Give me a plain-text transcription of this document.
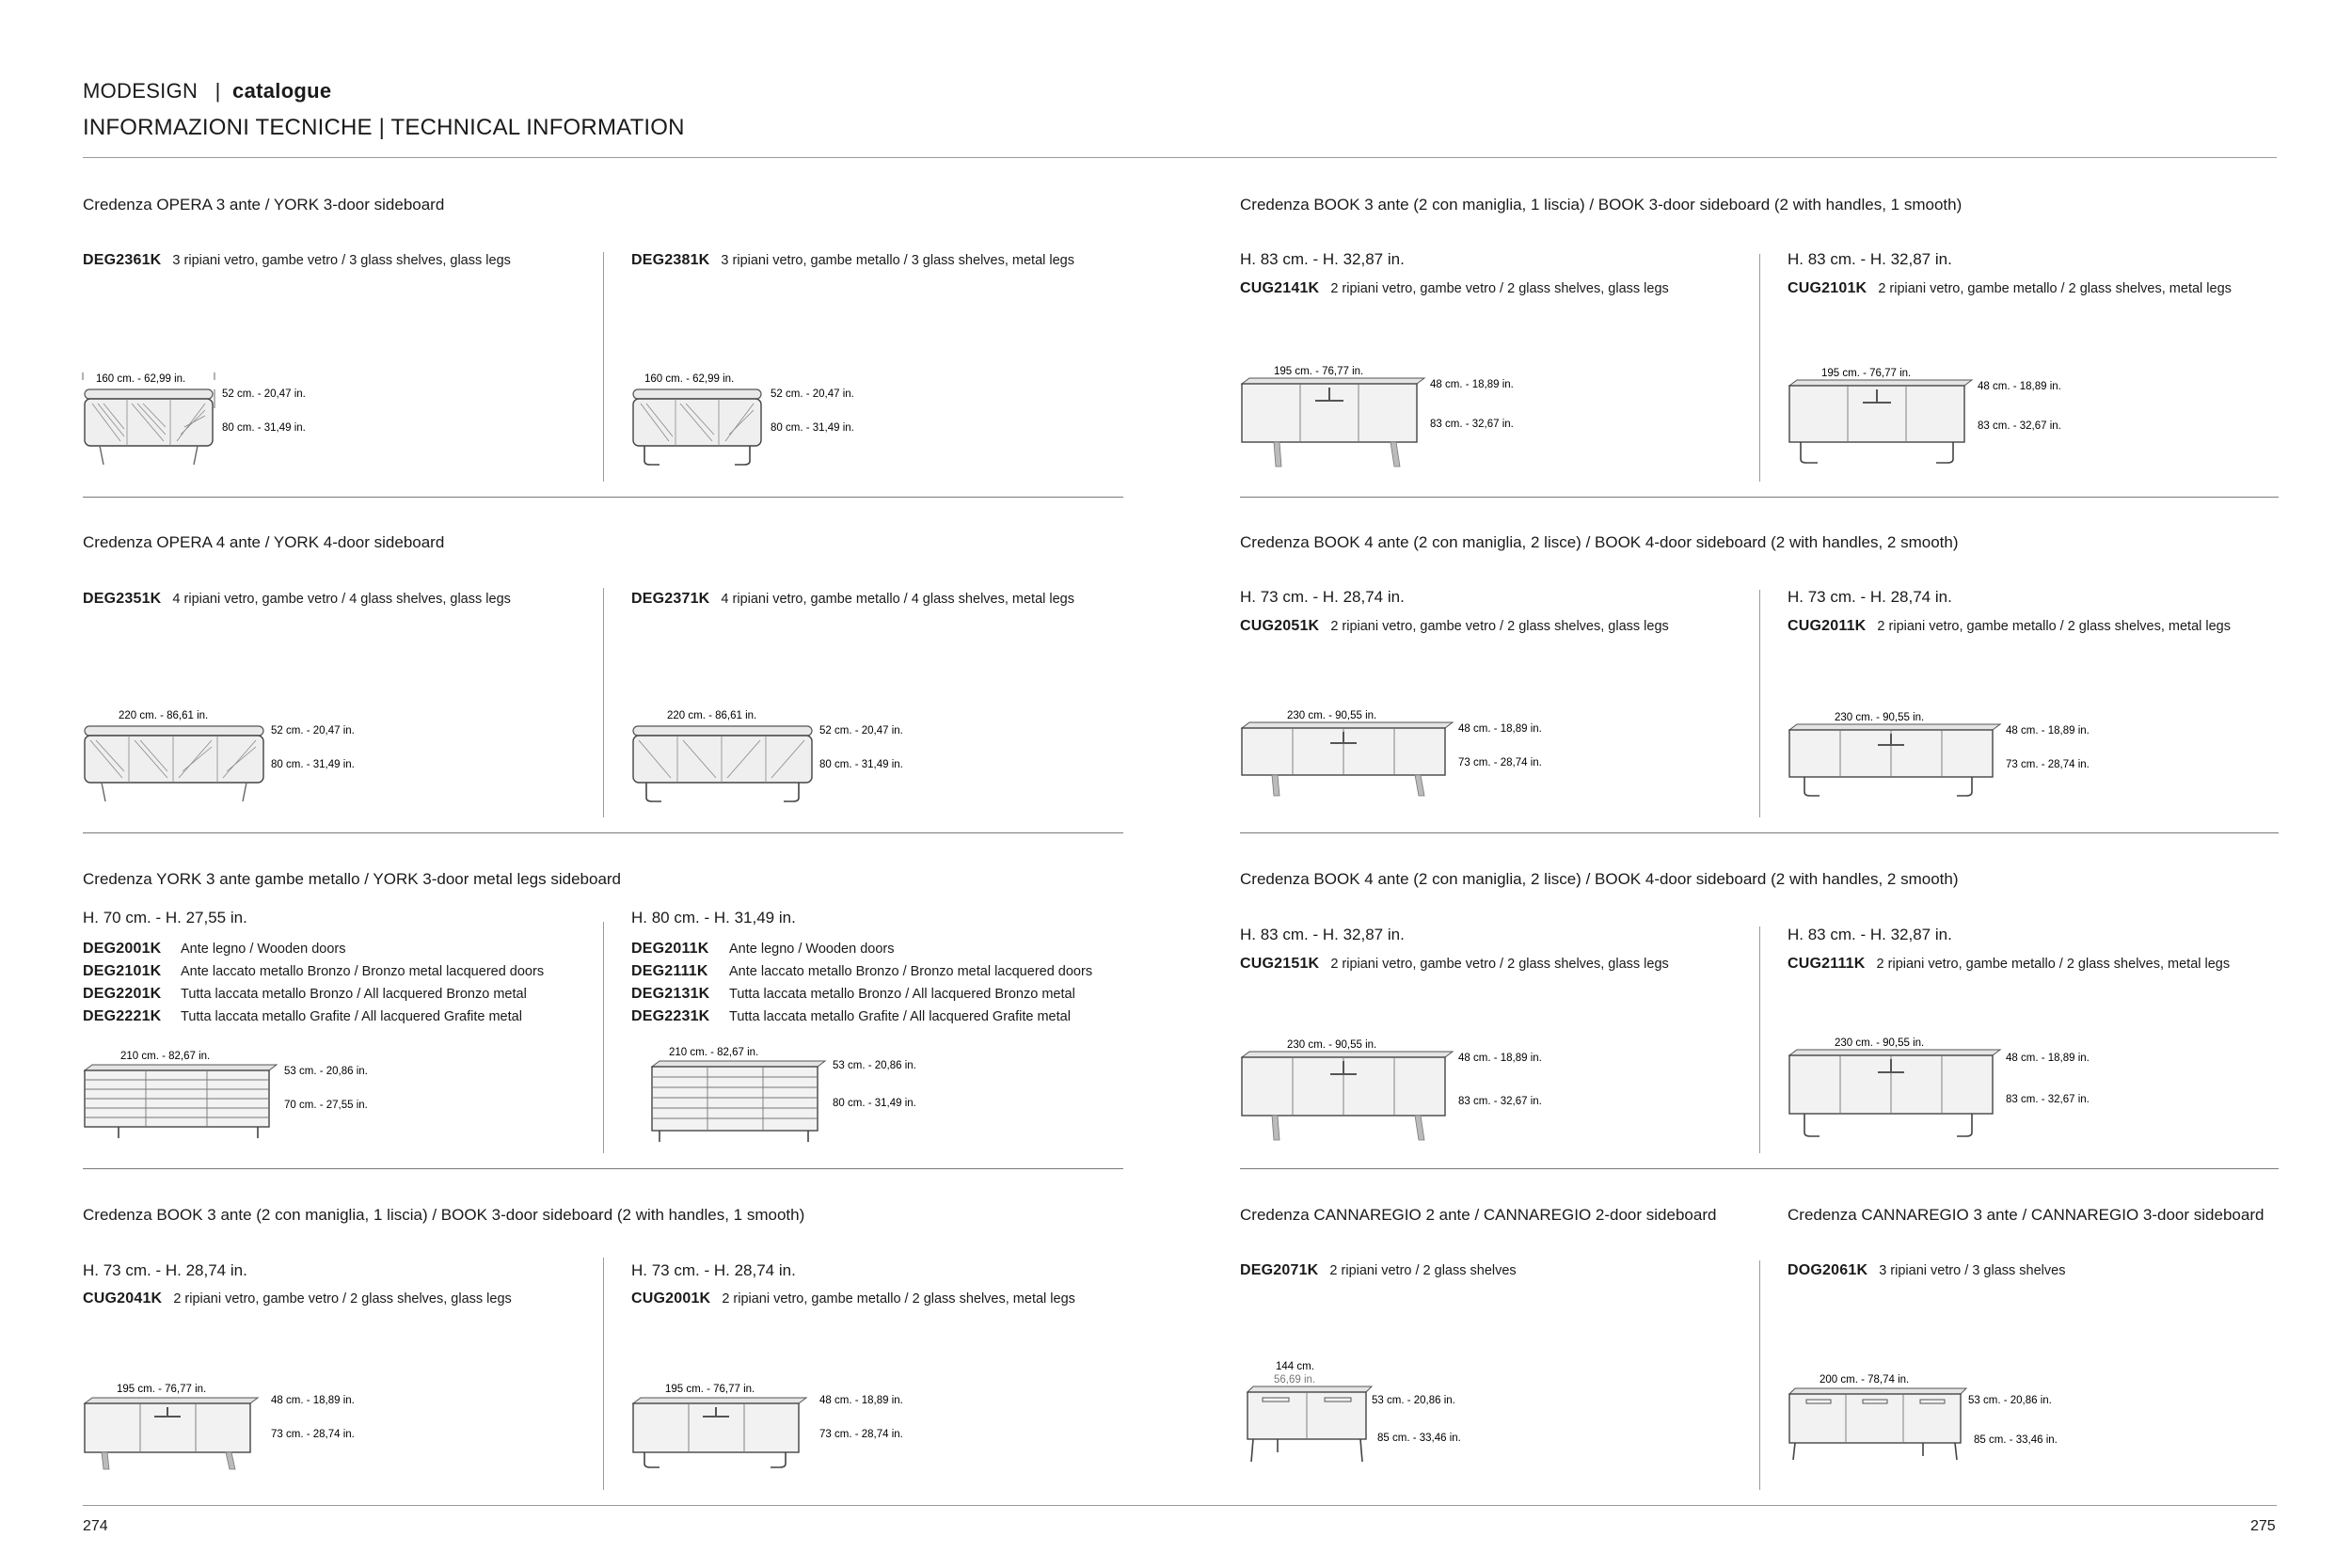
MODESIGN | catalogue
INFORMAZIONI TECNICHE | TECHNICAL INFORMATION
Credenza OPERA 3 ante / YORK 3-door sideboard
DEG2361K 3 ripiani vetro, gambe vetro / 3 glass shelves, glass legs	DEG2381K 3 ripiani vetro, gambe metallo / 3 glass shelves, metal legs
160 cm. - 62,99 in.
52 cm. - 20,47 in.
80 cm. - 31,49 in.
160 cm. - 62,99 in.
52 cm. - 20,47 in.
80 cm. - 31,49 in.
Credenza OPERA 4 ante / YORK 4-door sideboard
DEG2351K 4 ripiani vetro, gambe vetro / 4 glass shelves, glass legs	DEG2371K 4 ripiani vetro, gambe metallo / 4 glass shelves, metal legs
220 cm. - 86,61 in.
52 cm. - 20,47 in.
80 cm. - 31,49 in.
220 cm. - 86,61 in.
52 cm. - 20,47 in.
80 cm. - 31,49 in.
Credenza YORK 3 ante gambe metallo / YORK 3-door metal legs sideboard
H. 70 cm. - H. 27,55 in.	H. 80 cm. - H. 31,49 in.
DEG2001K Ante legno / Wooden doors
DEG2101K Ante laccato metallo Bronzo / Bronzo metal lacquered doors
DEG2201K Tutta laccata metallo Bronzo / All lacquered Bronzo metal
DEG2221K Tutta laccata metallo Grafite / All lacquered Grafite metal
DEG2011K Ante legno / Wooden doors
DEG2111K Ante laccato metallo Bronzo / Bronzo metal lacquered doors
DEG2131K Tutta laccata metallo Bronzo / All lacquered Bronzo metal
DEG2231K Tutta laccata metallo Grafite / All lacquered Grafite metal
210 cm. - 82,67 in.
53 cm. - 20,86 in.
70 cm. - 27,55 in.
210 cm. - 82,67 in.
53 cm. - 20,86 in.
80 cm. - 31,49 in.
Credenza BOOK 3 ante (2 con maniglia, 1 liscia) / BOOK 3-door sideboard (2 with handles, 1 smooth)
H. 73 cm. - H. 28,74 in.	H. 73 cm. - H. 28,74 in.
CUG2041K 2 ripiani vetro, gambe vetro / 2 glass shelves, glass legs	CUG2001K 2 ripiani vetro, gambe metallo / 2 glass shelves, metal legs
195 cm. - 76,77 in.
48 cm. - 18,89 in.
73 cm. - 28,74 in.
195 cm. - 76,77 in.
48 cm. - 18,89 in.
73 cm. - 28,74 in.
274
Credenza BOOK 3 ante (2 con maniglia, 1 liscia) / BOOK 3-door sideboard (2 with handles, 1 smooth)
H. 83 cm. - H. 32,87 in.	H. 83 cm. - H. 32,87 in.
CUG2141K 2 ripiani vetro, gambe vetro / 2 glass shelves, glass legs	CUG2101K 2 ripiani vetro, gambe metallo / 2 glass shelves, metal legs
195 cm. - 76,77 in.
48 cm. - 18,89 in.
83 cm. - 32,67 in.
195 cm. - 76,77 in.
48 cm. - 18,89 in.
83 cm. - 32,67 in.
Credenza BOOK 4 ante (2 con maniglia, 2 lisce) / BOOK 4-door sideboard (2 with handles, 2 smooth)
H. 73 cm. - H. 28,74 in.	H. 73 cm. - H. 28,74 in.
CUG2051K 2 ripiani vetro, gambe vetro / 2 glass shelves, glass legs	CUG2011K 2 ripiani vetro, gambe metallo / 2 glass shelves, metal legs
230 cm. - 90,55 in.
48 cm. - 18,89 in.
73 cm. - 28,74 in.
230 cm. - 90,55 in.
48 cm. - 18,89 in.
73 cm. - 28,74 in.
Credenza BOOK 4 ante (2 con maniglia, 2 lisce) / BOOK 4-door sideboard (2 with handles, 2 smooth)
H. 83 cm. - H. 32,87 in.	H. 83 cm. - H. 32,87 in.
CUG2151K 2 ripiani vetro, gambe vetro / 2 glass shelves, glass legs	CUG2111K 2 ripiani vetro, gambe metallo / 2 glass shelves, metal legs
230 cm. - 90,55 in.
48 cm. - 18,89 in.
83 cm. - 32,67 in.
230 cm. - 90,55 in.
48 cm. - 18,89 in.
83 cm. - 32,67 in.
Credenza CANNAREGIO 2 ante / CANNAREGIO 2-door sideboard	Credenza CANNAREGIO 3 ante / CANNAREGIO 3-door sideboard
DEG2071K 2 ripiani vetro / 2 glass shelves	DOG2061K 3 ripiani vetro / 3 glass shelves
144 cm.
56,69 in.
53 cm. - 20,86 in.
85 cm. - 33,46 in.
200 cm. - 78,74 in.
53 cm. - 20,86 in.
85 cm. - 33,46 in.
275
